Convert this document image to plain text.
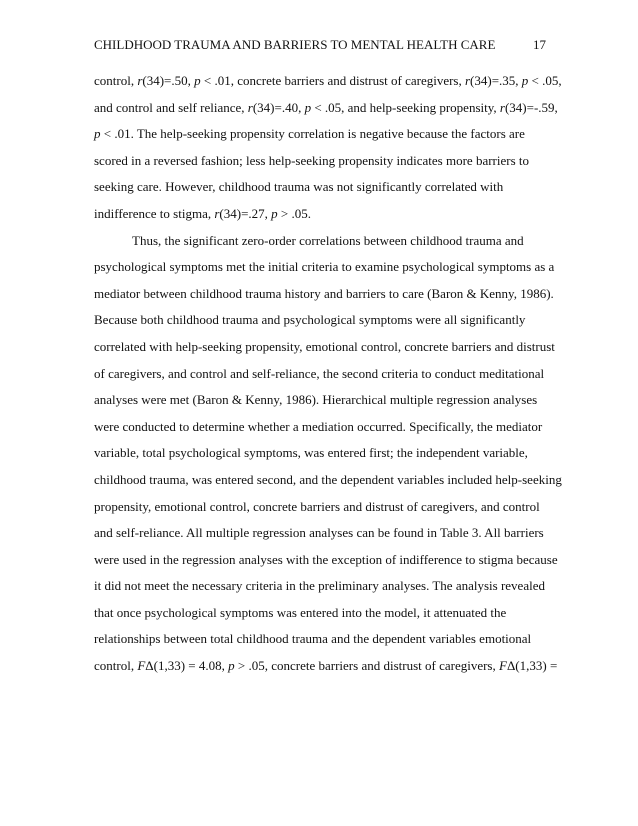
CHILDHOOD TRAUMA AND BARRIERS TO MENTAL HEALTH CARE	17
control, r(34)=.50, p < .01, concrete barriers and distrust of caregivers, r(34)=.35, p < .05,
and control and self reliance, r(34)=.40, p < .05, and help-seeking propensity, r(34)=-.59,
p < .01. The help-seeking propensity correlation is negative because the factors are
scored in a reversed fashion; less help-seeking propensity indicates more barriers to
seeking care. However, childhood trauma was not significantly correlated with
indifference to stigma, r(34)=.27, p > .05.
Thus, the significant zero-order correlations between childhood trauma and
psychological symptoms met the initial criteria to examine psychological symptoms as a
mediator between childhood trauma history and barriers to care (Baron & Kenny, 1986).
Because both childhood trauma and psychological symptoms were all significantly
correlated with help-seeking propensity, emotional control, concrete barriers and distrust
of caregivers, and control and self-reliance, the second criteria to conduct meditational
analyses were met (Baron & Kenny, 1986). Hierarchical multiple regression analyses
were conducted to determine whether a mediation occurred. Specifically, the mediator
variable, total psychological symptoms, was entered first; the independent variable,
childhood trauma, was entered second, and the dependent variables included help-seeking
propensity, emotional control, concrete barriers and distrust of caregivers, and control
and self-reliance. All multiple regression analyses can be found in Table 3. All barriers
were used in the regression analyses with the exception of indifference to stigma because
it did not meet the necessary criteria in the preliminary analyses. The analysis revealed
that once psychological symptoms was entered into the model, it attenuated the
relationships between total childhood trauma and the dependent variables emotional
control, FΔ(1,33) = 4.08, p > .05, concrete barriers and distrust of caregivers, FΔ(1,33) =
